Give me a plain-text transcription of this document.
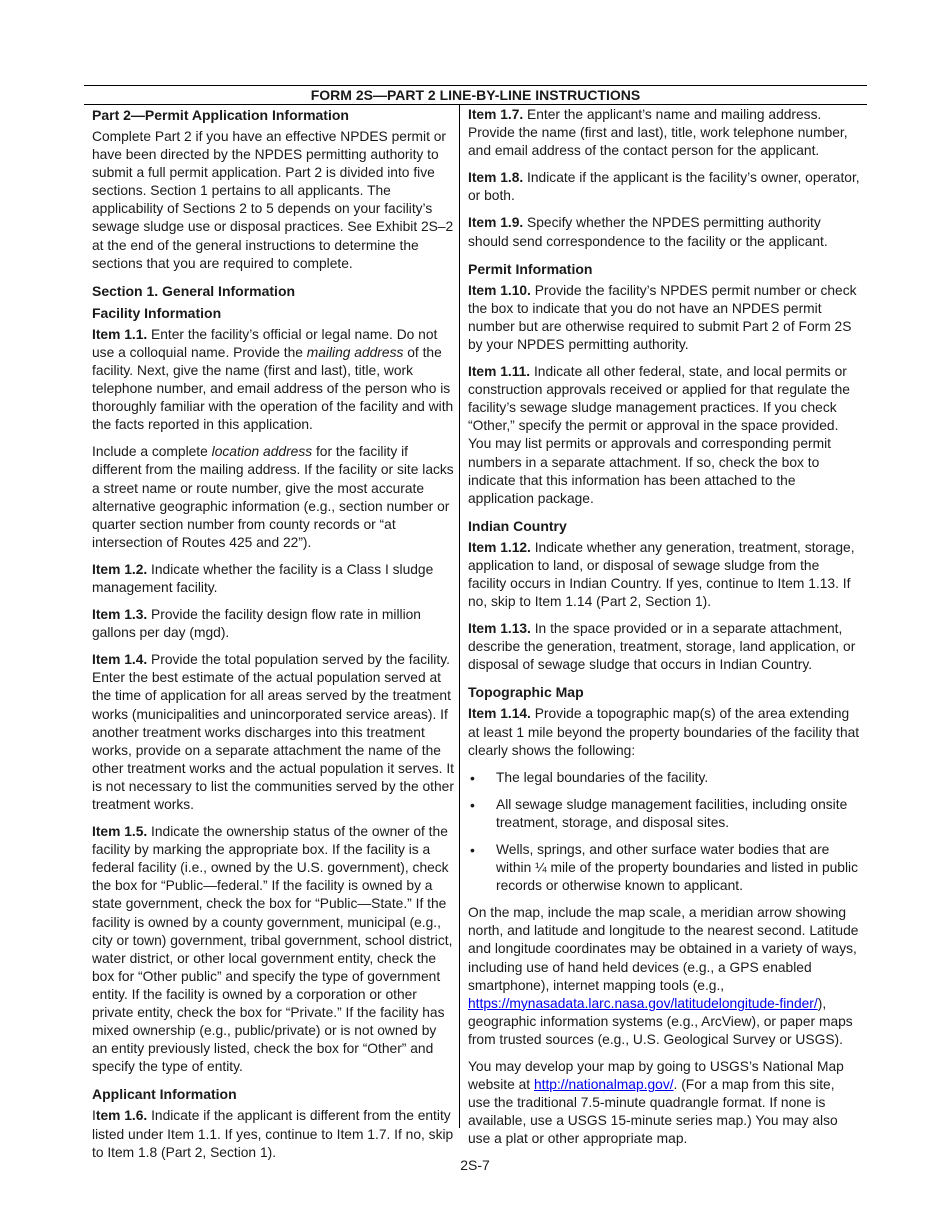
FORM 2S—PART 2 LINE-BY-LINE INSTRUCTIONS
Part 2—Permit Application Information

Complete Part 2 if you have an effective NPDES permit or have been directed by the NPDES permitting authority to submit a full permit application. Part 2 is divided into five sections. Section 1 pertains to all applicants. The applicability of Sections 2 to 5 depends on your facility’s sewage sludge use or disposal practices. See Exhibit 2S–2 at the end of the general instructions to determine the sections that you are required to complete.

Section 1. General Information
Facility Information

Item 1.1. Enter the facility’s official or legal name. Do not use a colloquial name. Provide the mailing address of the facility. Next, give the name (first and last), title, work telephone number, and email address of the person who is thoroughly familiar with the operation of the facility and with the facts reported in this application.

Include a complete location address for the facility if different from the mailing address. If the facility or site lacks a street name or route number, give the most accurate alternative geographic information (e.g., section number or quarter section number from county records or “at intersection of Routes 425 and 22”).

Item 1.2. Indicate whether the facility is a Class I sludge management facility.

Item 1.3. Provide the facility design flow rate in million gallons per day (mgd).

Item 1.4. Provide the total population served by the facility. Enter the best estimate of the actual population served at the time of application for all areas served by the treatment works (municipalities and unincorporated service areas). If another treatment works discharges into this treatment works, provide on a separate attachment the name of the other treatment works and the actual population it serves. It is not necessary to list the communities served by the other treatment works.

Item 1.5. Indicate the ownership status of the owner of the facility by marking the appropriate box. If the facility is a federal facility (i.e., owned by the U.S. government), check the box for “Public—federal.” If the facility is owned by a state government, check the box for “Public—State.” If the facility is owned by a county government, municipal (e.g., city or town) government, tribal government, school district, water district, or other local government entity, check the box for “Other public” and specify the type of government entity. If the facility is owned by a corporation or other private entity, check the box for “Private.” If the facility has mixed ownership (e.g., public/private) or is not owned by an entity previously listed, check the box for “Other” and specify the type of entity.

Applicant Information

Item 1.6. Indicate if the applicant is different from the entity listed under Item 1.1. If yes, continue to Item 1.7. If no, skip to Item 1.8 (Part 2, Section 1).

Item 1.7. Enter the applicant’s name and mailing address. Provide the name (first and last), title, work telephone number, and email address of the contact person for the applicant.

Item 1.8. Indicate if the applicant is the facility’s owner, operator, or both.

Item 1.9. Specify whether the NPDES permitting authority should send correspondence to the facility or the applicant.

Permit Information

Item 1.10. Provide the facility’s NPDES permit number or check the box to indicate that you do not have an NPDES permit number but are otherwise required to submit Part 2 of Form 2S by your NPDES permitting authority.

Item 1.11. Indicate all other federal, state, and local permits or construction approvals received or applied for that regulate the facility’s sewage sludge management practices. If you check “Other,” specify the permit or approval in the space provided. You may list permits or approvals and corresponding permit numbers in a separate attachment. If so, check the box to indicate that this information has been attached to the application package.

Indian Country

Item 1.12. Indicate whether any generation, treatment, storage, application to land, or disposal of sewage sludge from the facility occurs in Indian Country. If yes, continue to Item 1.13. If no, skip to Item 1.14 (Part 2, Section 1).

Item 1.13. In the space provided or in a separate attachment, describe the generation, treatment, storage, land application, or disposal of sewage sludge that occurs in Indian Country.

Topographic Map

Item 1.14. Provide a topographic map(s) of the area extending at least 1 mile beyond the property boundaries of the facility that clearly shows the following:

• The legal boundaries of the facility.
• All sewage sludge management facilities, including onsite treatment, storage, and disposal sites.
• Wells, springs, and other surface water bodies that are within ¼ mile of the property boundaries and listed in public records or otherwise known to applicant.

On the map, include the map scale, a meridian arrow showing north, and latitude and longitude to the nearest second. Latitude and longitude coordinates may be obtained in a variety of ways, including use of hand held devices (e.g., a GPS enabled smartphone), internet mapping tools (e.g., https://mynasadata.larc.nasa.gov/latitudelongitude-finder/), geographic information systems (e.g., ArcView), or paper maps from trusted sources (e.g., U.S. Geological Survey or USGS).

You may develop your map by going to USGS’s National Map website at http://nationalmap.gov/. (For a map from this site, use the traditional 7.5-minute quadrangle format. If none is available, use a USGS 15-minute series map.) You may also use a plat or other appropriate map.

2S-7
